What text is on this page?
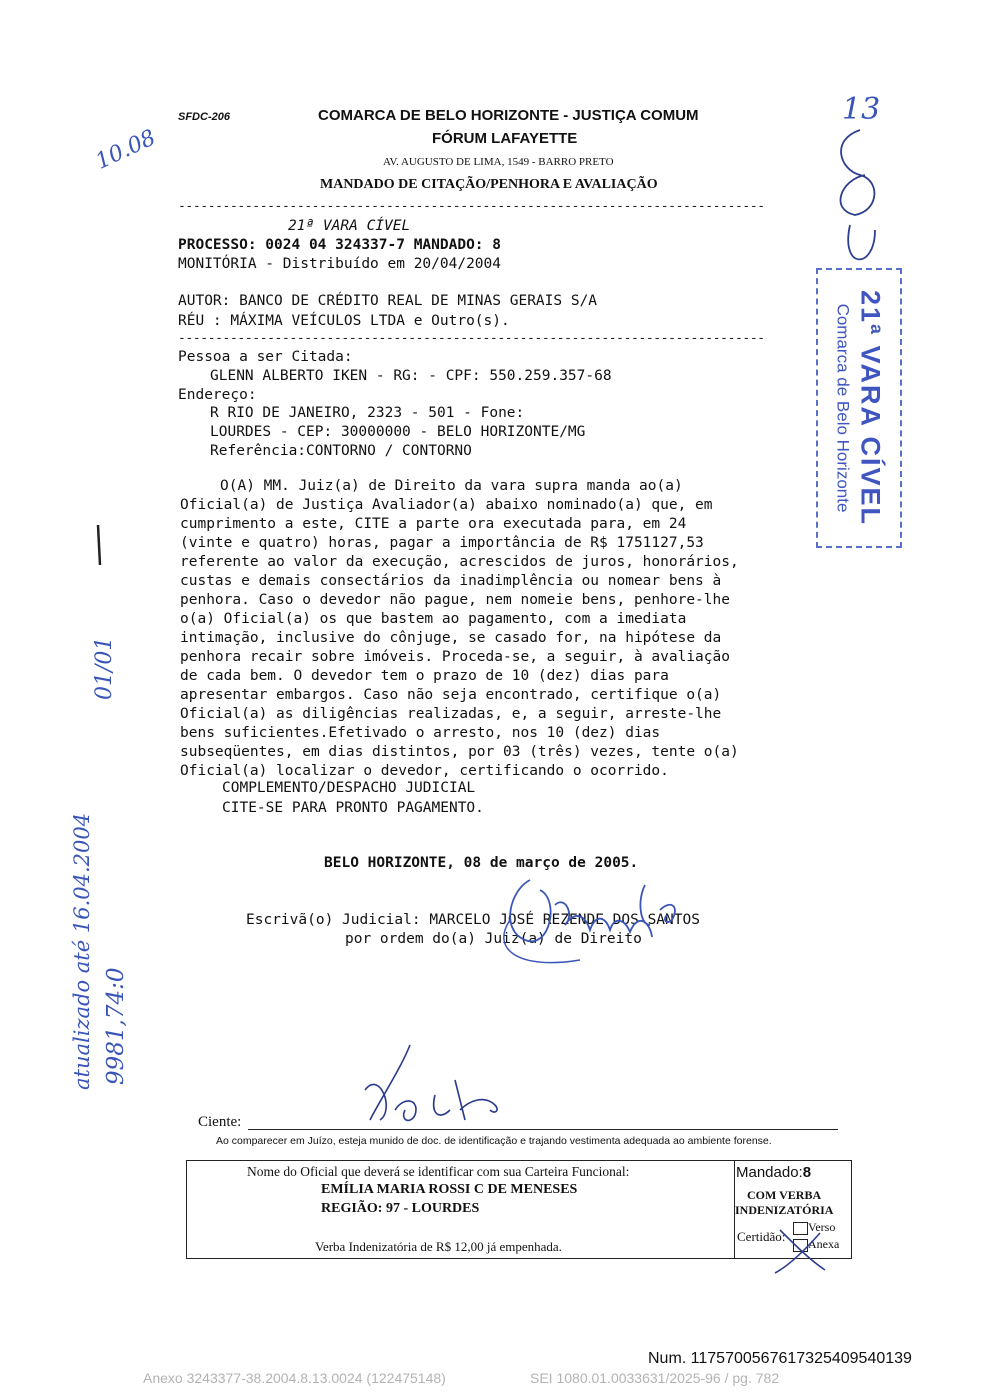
SFDC-206	COMARCA DE BELO HORIZONTE - JUSTIÇA COMUM
FÓRUM LAFAYETTE
AV. AUGUSTO DE LIMA, 1549 - BARRO PRETO
MANDADO DE CITAÇÃO/PENHORA E AVALIAÇÃO
-------------------------------------------------------------------------------
21ª VARA CÍVEL
PROCESSO: 0024 04 324337-7 MANDADO: 8
MONITÓRIA - Distribuído em 20/04/2004
AUTOR: BANCO DE CRÉDITO REAL DE MINAS GERAIS S/A
RÉU : MÁXIMA VEÍCULOS LTDA e Outro(s).
-------------------------------------------------------------------------------
Pessoa a ser Citada:
GLENN ALBERTO IKEN - RG: - CPF: 550.259.357-68
Endereço:
R RIO DE JANEIRO, 2323 - 501 - Fone:
LOURDES - CEP: 30000000 - BELO HORIZONTE/MG
Referência:CONTORNO / CONTORNO
O(A) MM. Juiz(a) de Direito da vara supra manda ao(a)
Oficial(a) de Justiça Avaliador(a) abaixo nominado(a) que, em
cumprimento a este, CITE a parte ora executada para, em 24
(vinte e quatro) horas, pagar a importância de R$ 1751127,53
referente ao valor da execução, acrescidos de juros, honorários,
custas e demais consectários da inadimplência ou nomear bens à
penhora. Caso o devedor não pague, nem nomeie bens, penhore-lhe
o(a) Oficial(a) os que bastem ao pagamento, com a imediata
intimação, inclusive do cônjuge, se casado for, na hipótese da
penhora recair sobre imóveis. Proceda-se, a seguir, à avaliação
de cada bem. O devedor tem o prazo de 10 (dez) dias para
apresentar embargos. Caso não seja encontrado, certifique o(a)
Oficial(a) as diligências realizadas, e, a seguir, arreste-lhe
bens suficientes.Efetivado o arresto, nos 10 (dez) dias
subseqüentes, em dias distintos, por 03 (três) vezes, tente o(a)
Oficial(a) localizar o devedor, certificando o ocorrido.
COMPLEMENTO/DESPACHO JUDICIAL
CITE-SE PARA PRONTO PAGAMENTO.
BELO HORIZONTE, 08 de março de 2005.
Escrivã(o) Judicial: MARCELO JOSÉ REZENDE DOS SANTOS
por ordem do(a) Juiz(a) de Direito
21ª VARA CÍVEL
Comarca de Belo Horizonte
13
10.08
atualizado até 16.04.2004 9981,74:0
01/01
Ciente:
Ao comparecer em Juízo, esteja munido de doc. de identificação e trajando vestimenta adequada ao ambiente forense.
Nome do Oficial que deverá se identificar com sua Carteira Funcional:
EMÍLIA MARIA ROSSI C DE MENESES
REGIÃO: 97 - LOURDES
Verba Indenizatória de R$ 12,00 já empenhada.
Mandado:8
COM VERBA
INDENIZATÓRIA
Certidão:
Verso
Anexa
Num. 1175700567617325409540139
Anexo 3243377-38.2004.8.13.0024 (122475148)	SEI 1080.01.0033631/2025-96 / pg. 782
